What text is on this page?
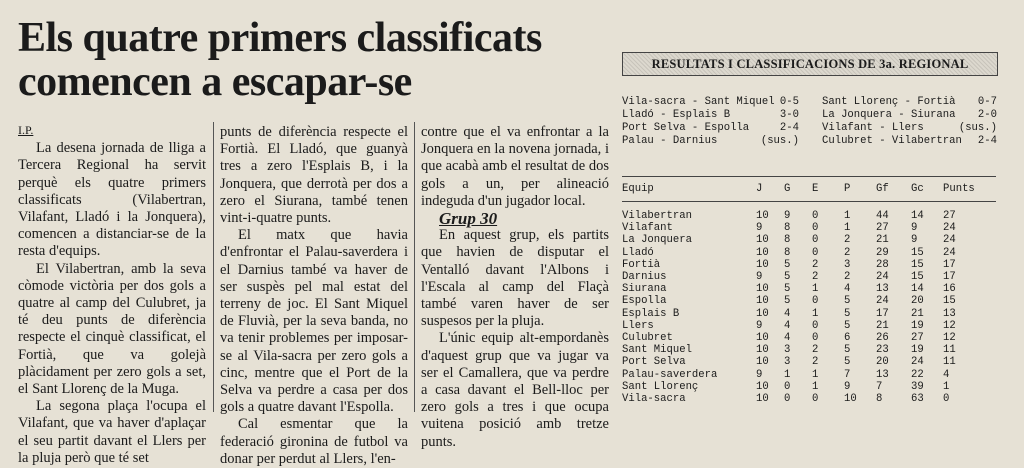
Els quatre primers classificats
comencen a escapar-se
I.P.

La desena jornada de lliga a Tercera Regional ha servit perquè els quatre primers classificats (Vilabertran, Vilafant, Lladó i la Jonquera), comencen a distanciar-se de la resta d'equips.

El Vilabertran, amb la seva còmode victòria per dos gols a quatre al camp del Culubret, ja té deu punts de diferència respecte el cinquè classificat, el Fortià, que va golejà plàcidament per zero gols a set, el Sant Llorenç de la Muga.

La segona plaça l'ocupa el Vilafant, que va haver d'aplaçar el seu partit davant el Llers per la pluja però que té set

punts de diferència respecte el Fortià. El Lladó, que guanyà tres a zero l'Esplais B, i la Jonquera, que derrotà per dos a zero el Siurana, també tenen vint-i-quatre punts.

El matx que havia d'enfrontar el Palau-saverdera i el Darnius també va haver de ser suspès pel mal estat del terreny de joc. El Sant Miquel de Fluvià, per la seva banda, no va tenir problemes per imposar-se al Vila-sacra per zero gols a cinc, mentre que el Port de la Selva va perdre a casa per dos gols a quatre davant l'Espolla.

Cal esmentar que la federació gironina de futbol va donar per perdut al Llers, l'en-

contre que el va enfrontar a la Jonquera en la novena jornada, i que acabà amb el resultat de dos gols a un, per alineació indeguda d'un jugador local.

Grup 30

En aquest grup, els partits que havien de disputar el Ventalló davant l'Albons i l'Escala al camp del Flaçà també varen haver de ser suspesos per la pluja.

L'únic equip alt-empordanès d'aquest grup que va jugar va ser el Camallera, que va perdre a casa davant el Bell-lloc per zero gols a tres i que ocupa vuitena posició amb tretze punts.

RESULTATS I CLASSIFICACIONS DE 3a. REGIONAL
Vila-sacra - Sant Miquel 0-5
Lladó - Esplais B	3-0
Port Selva - Espolla	2-4
Palau - Darnius	(sus.)
Sant Llorenç - Fortià 0-7
La Jonquera - Siurana 2-0
Vilafant - Llers	(sus.)
Culubret - Vilabertran 2-4
Equip	J	G	E	P	Gf	Gc	Punts
Vilabertran	10	9	0	1	44	14	27
Vilafant	9	8	0	1	27	9	24
La Jonquera	10	8	0	2	21	9	24
Lladó	10	8	0	2	29	15	24
Fortià	10	5	2	3	28	15	17
Darnius	9	5	2	2	24	15	17
Siurana	10	5	1	4	13	14	16
Espolla	10	5	0	5	24	20	15
Esplais B	10	4	1	5	17	21	13
Llers	9	4	0	5	21	19	12
Culubret	10	4	0	6	26	27	12
Sant Miquel	10	3	2	5	23	19	11
Port Selva	10	3	2	5	20	24	11
Palau-saverdera	9	1	1	7	13	22	4
Sant Llorenç	10	0	1	9	7	39	1
Vila-sacra	10	0	0	10	8	63	0
